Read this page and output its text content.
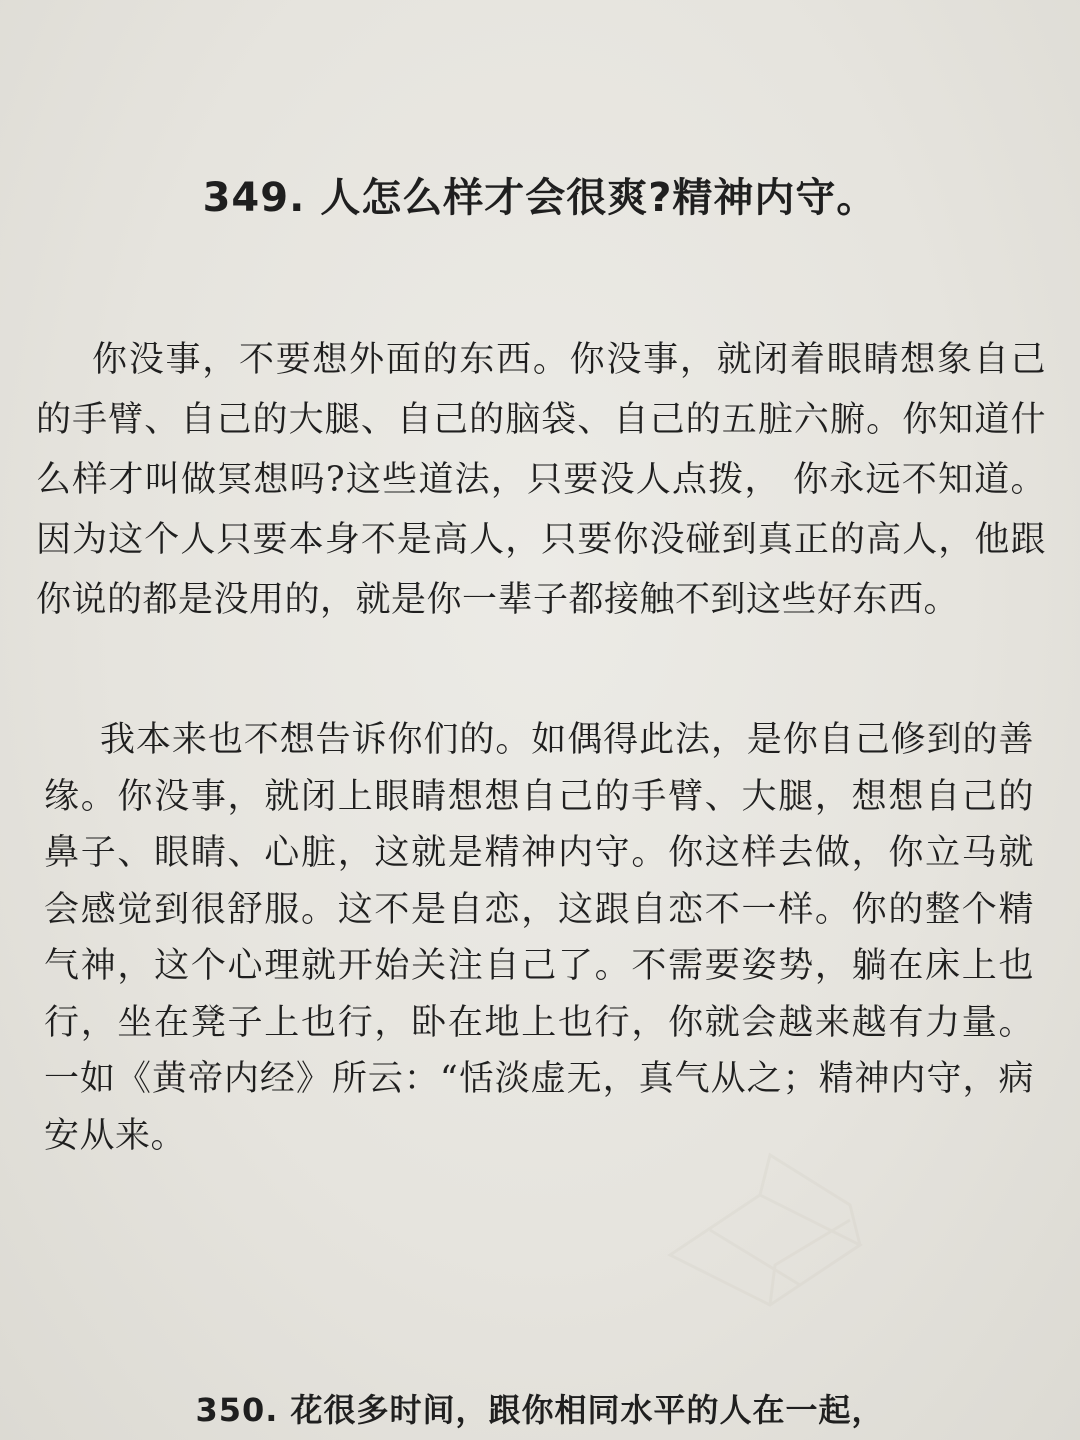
349. 人怎么样才会很爽?精神内守。

你没事，不要想外面的东西。你没事，就闭着眼睛想象自己的手臂、自己的大腿、自己的脑袋、自己的五脏六腑。你知道什么样才叫做冥想吗?这些道法，只要没人点拨， 你永远不知道。因为这个人只要本身不是高人，只要你没碰到真正的高人，他跟你说的都是没用的，就是你一辈子都接触不到这些好东西。

我本来也不想告诉你们的。如偶得此法，是你自己修到的善缘。你没事，就闭上眼睛想想自己的手臂、大腿，想想自己的鼻子、眼睛、心脏，这就是精神内守。你这样去做，你立马就会感觉到很舒服。这不是自恋，这跟自恋不一样。你的整个精气神，这个心理就开始关注自己了。不需要姿势，躺在床上也行，坐在凳子上也行，卧在地上也行，你就会越来越有力量。一如《黄帝内经》所云：“恬淡虚无，真气从之；精神内守，病安从来。

350. 花很多时间，跟你相同水平的人在一起，
